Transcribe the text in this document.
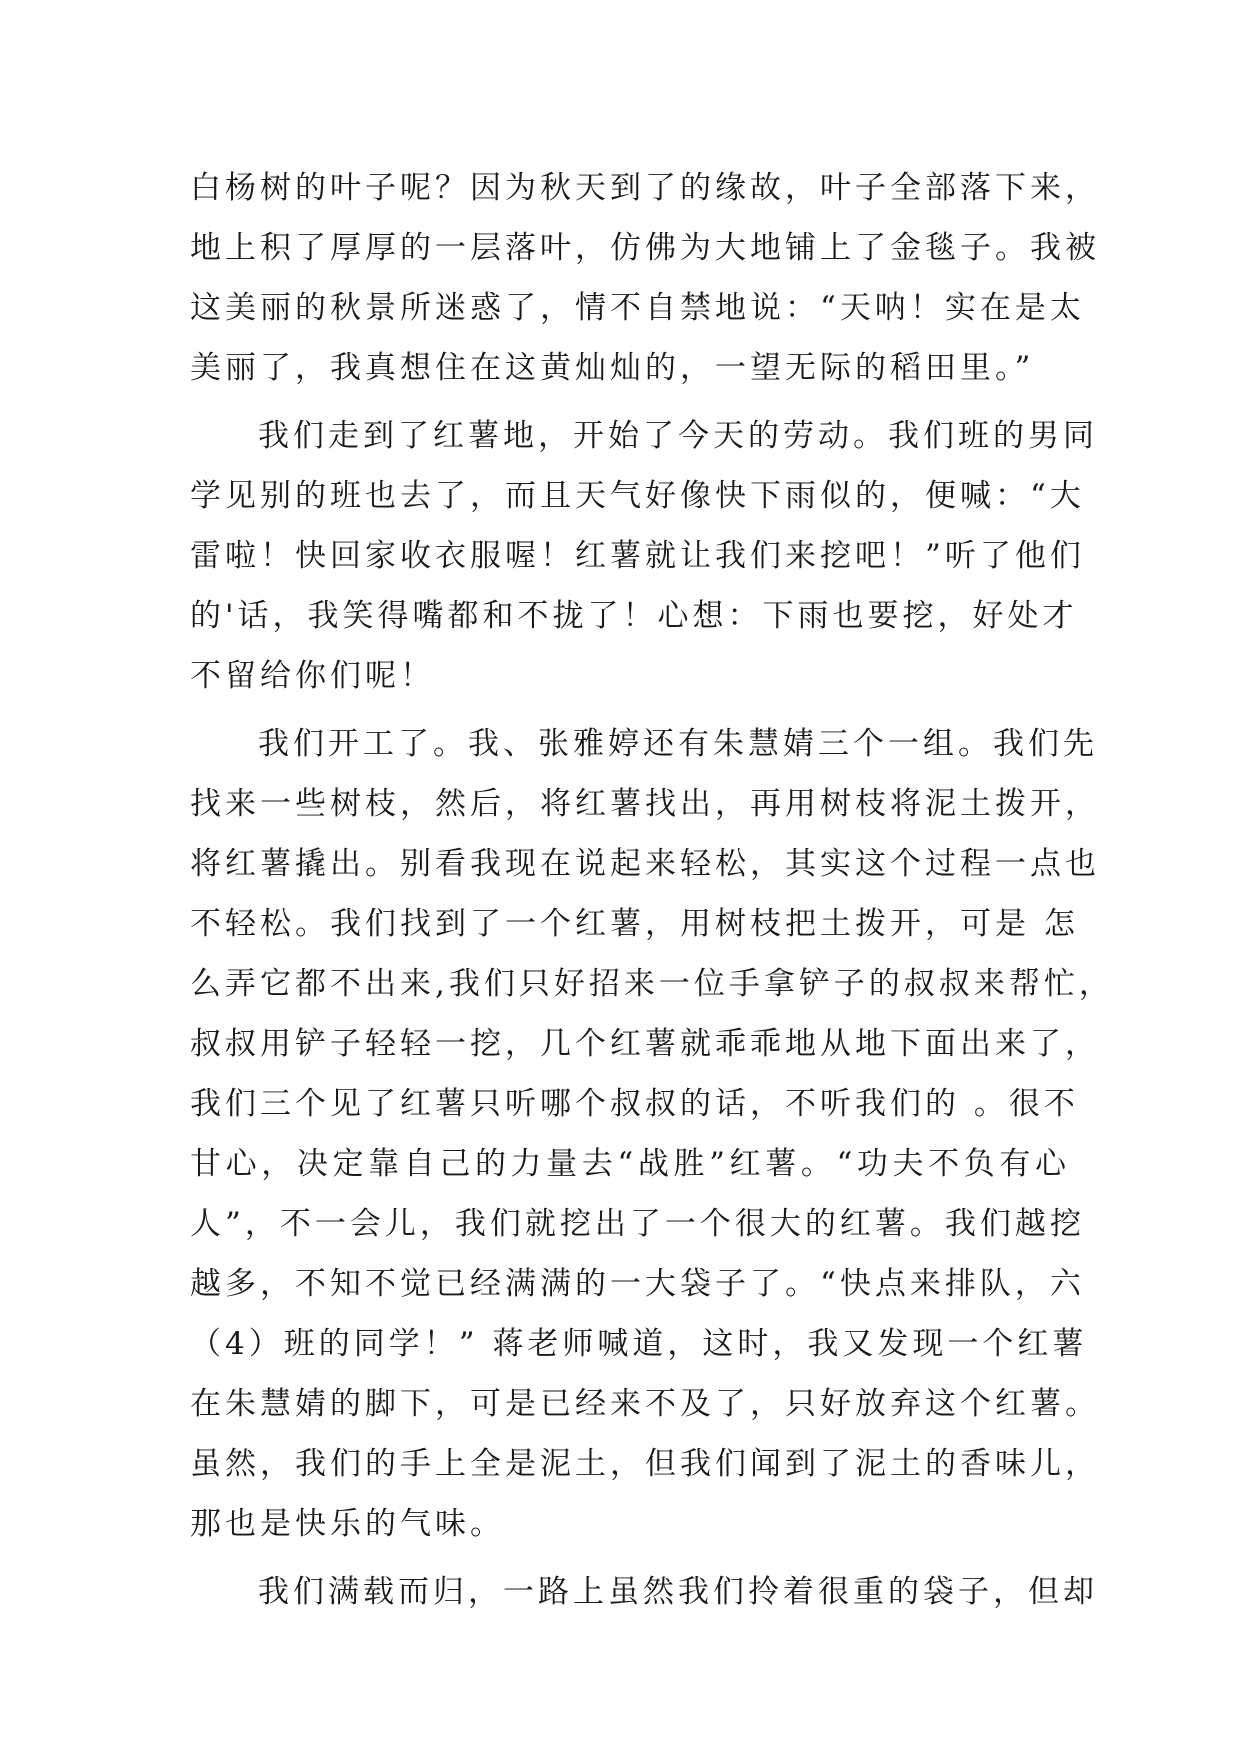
白杨树的叶子呢？因为秋天到了的缘故，叶子全部落下来，
地上积了厚厚的一层落叶，仿佛为大地铺上了金毯子。我被
这美丽的秋景所迷惑了，情不自禁地说：“天呐！实在是太
美丽了，我真想住在这黄灿灿的，一望无际的稻田里。”
我们走到了红薯地，开始了今天的劳动。我们班的男同
学见别的班也去了，而且天气好像快下雨似的，便喊：“大
雷啦！快回家收衣服喔！红薯就让我们来挖吧！”听了他们
的'话，我笑得嘴都和不拢了！心想：下雨也要挖，好处才
不留给你们呢！
我们开工了。我、张雅婷还有朱慧婧三个一组。我们先
找来一些树枝，然后，将红薯找出，再用树枝将泥土拨开，
将红薯撬出。别看我现在说起来轻松，其实这个过程一点也
不轻松。我们找到了一个红薯，用树枝把土拨开，可是 怎
么弄它都不出来,我们只好招来一位手拿铲子的叔叔来帮忙，
叔叔用铲子轻轻一挖，几个红薯就乖乖地从地下面出来了，
我们三个见了红薯只听哪个叔叔的话，不听我们的 。很不
甘心，决定靠自己的力量去“战胜”红薯。“功夫不负有心
人”，不一会儿，我们就挖出了一个很大的红薯。我们越挖
越多，不知不觉已经满满的一大袋子了。“快点来排队，六
（4）班的同学！” 蒋老师喊道，这时，我又发现一个红薯
在朱慧婧的脚下，可是已经来不及了，只好放弃这个红薯。
虽然，我们的手上全是泥土，但我们闻到了泥土的香味儿，
那也是快乐的气味。
我们满载而归，一路上虽然我们拎着很重的袋子，但却
